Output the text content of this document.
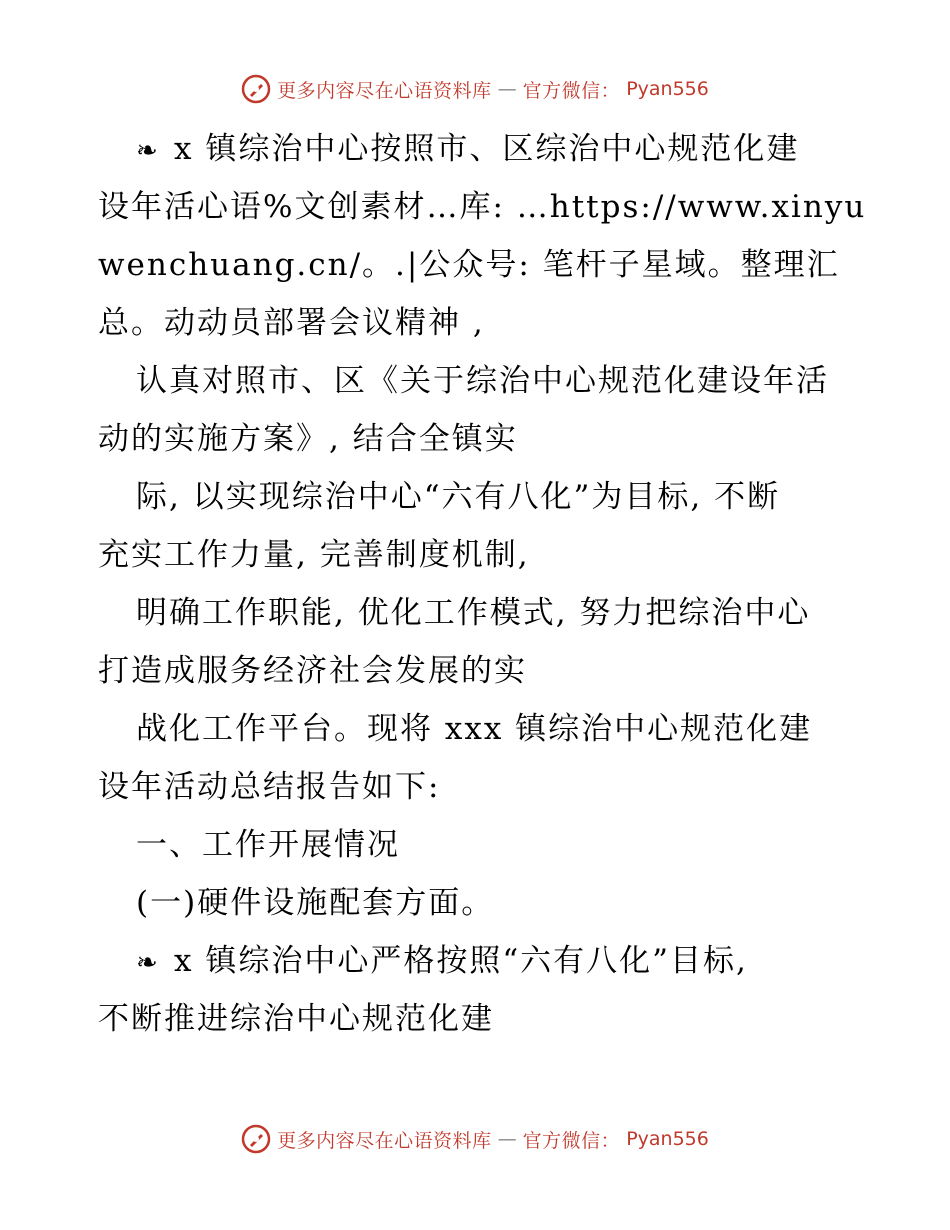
更多内容尽在心语资料库 — 官方微信： Pyan556
❧ x 镇综治中心按照市、区综治中心规范化建
设年活心语%文创素材…库: …https://www.xinyu
wenchuang.cn/。.|公众号: 笔杆子星域。整理汇
总。动动员部署会议精神 ,
认真对照市、区《关于综治中心规范化建设年活
动的实施方案》, 结合全镇实
际, 以实现综治中心“六有八化”为目标, 不断
充实工作力量, 完善制度机制,
明确工作职能, 优化工作模式, 努力把综治中心
打造成服务经济社会发展的实
战化工作平台。现将 xxx 镇综治中心规范化建
设年活动总结报告如下:
一、工作开展情况
(一)硬件设施配套方面。
❧ x 镇综治中心严格按照“六有八化”目标,
不断推进综治中心规范化建
更多内容尽在心语资料库 — 官方微信： Pyan556
